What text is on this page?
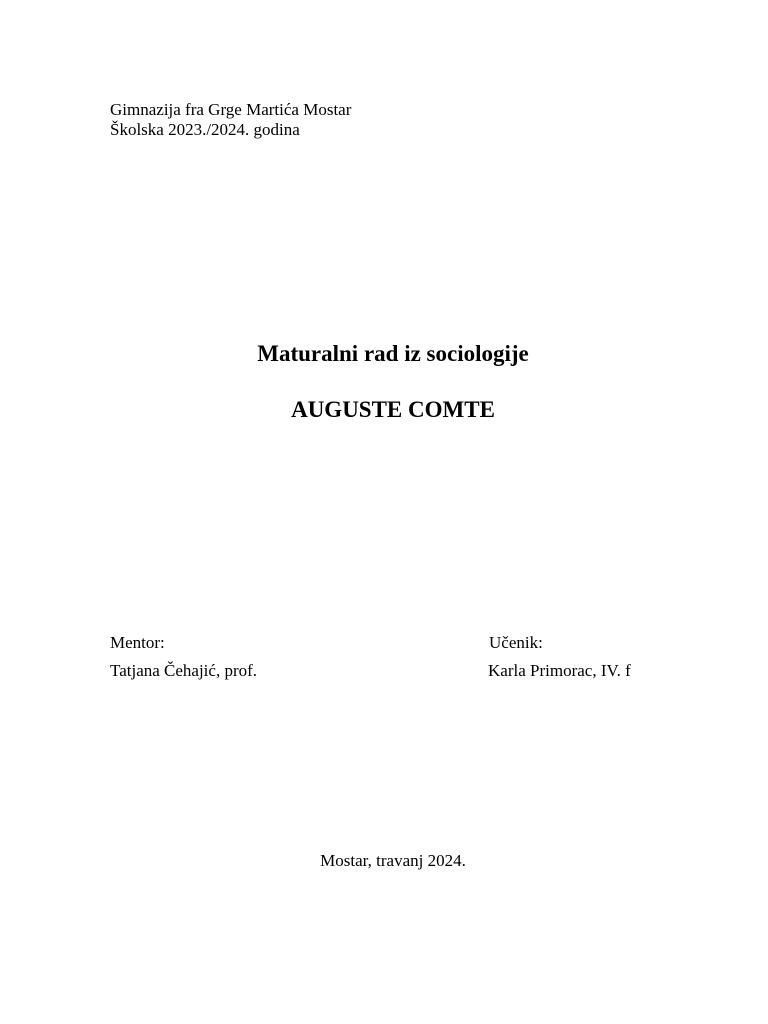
Gimnazija fra Grge Martića Mostar
Školska 2023./2024. godina
Maturalni rad iz sociologije
AUGUSTE COMTE
Mentor:
Tatjana Čehajić, prof.
Učenik:
Karla Primorac, IV. f
Mostar, travanj 2024.
